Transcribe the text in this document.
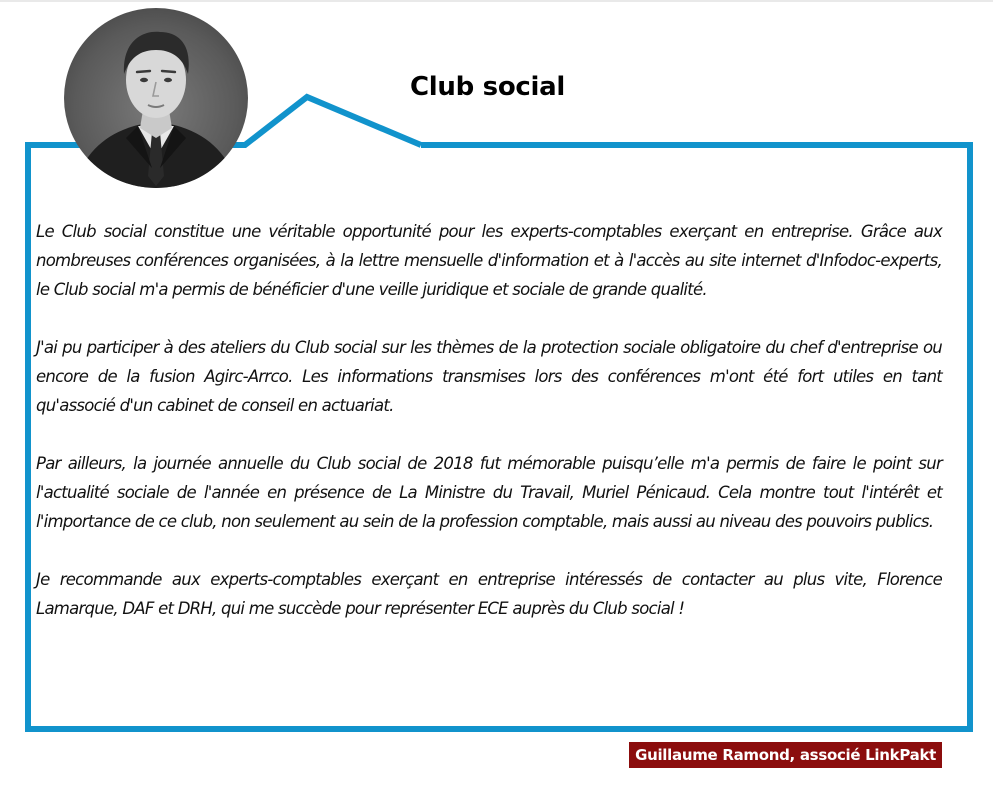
Club social

Le Club social constitue une véritable opportunité pour les experts-comptables exerçant en entreprise. Grâce aux nombreuses conférences organisées, à la lettre mensuelle d'information et à l'accès au site internet d'Infodoc-experts, le Club social m'a permis de bénéficier d'une veille juridique et sociale de grande qualité.

J'ai pu participer à des ateliers du Club social sur les thèmes de la protection sociale obligatoire du chef d'entreprise ou encore de la fusion Agirc-Arrco. Les informations transmises lors des conférences m'ont été fort utiles en tant qu'associé d'un cabinet de conseil en actuariat.

Par ailleurs, la journée annuelle du Club social de 2018 fut mémorable puisqu’elle m'a permis de faire le point sur l'actualité sociale de l'année en présence de La Ministre du Travail, Muriel Pénicaud. Cela montre tout l'intérêt et l'importance de ce club, non seulement au sein de la profession comptable, mais aussi au niveau des pouvoirs publics.

Je recommande aux experts-comptables exerçant en entreprise intéressés de contacter au plus vite, Florence Lamarque, DAF et DRH, qui me succède pour représenter ECE auprès du Club social !

Guillaume Ramond, associé LinkPakt
